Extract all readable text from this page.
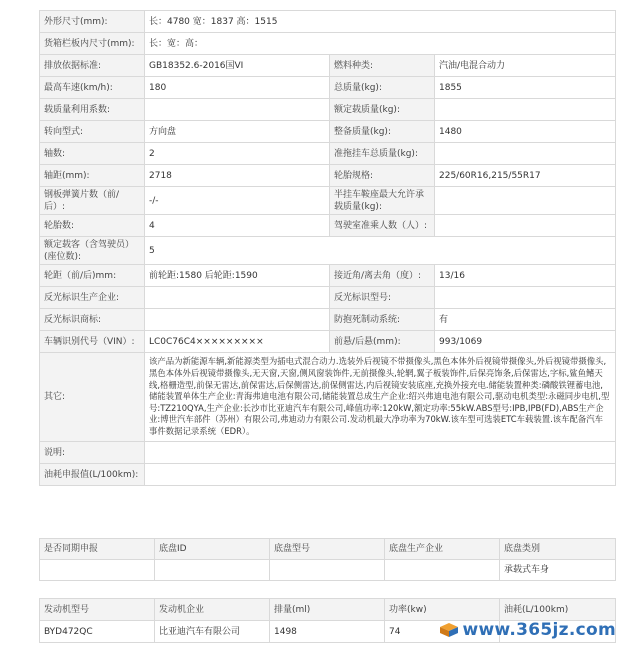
外形尺寸(mm):	长：4780 宽：1837 高：1515		
货箱栏板内尺寸(mm):	长：宽：高：		
排放依据标准:	GB18352.6-2016国VI	燃料种类:	汽油/电混合动力
最高车速(km/h):	180	总质量(kg):	1855
载质量利用系数:		额定载质量(kg):	
转向型式:	方向盘	整备质量(kg):	1480
轴数:	2	准拖挂车总质量(kg):	
轴距(mm):	2718	轮胎规格:	225/60R16,215/55R17
钢板弹簧片数（前/后）:	-/-	半挂车鞍座最大允许承载质量(kg):	
轮胎数:	4	驾驶室准乘人数（人）:	
额定载客（含驾驶员）(座位数):	5		
轮距（前/后)mm:	前轮距:1580 后轮距:1590	接近角/离去角（度）:	13/16
反光标识生产企业:		反光标识型号:	
反光标识商标:		防抱死制动系统:	有
车辆识别代号（VIN）:	LC0C76C4×××××××××	前悬/后悬(mm):	993/1069
其它:	该产品为新能源车辆,新能源类型为插电式混合动力.选装外后视镜不带摄像头,黑色本体外后视镜带摄像头,外后视镜带摄像头,黑色本体外后视镜带摄像头,无天窗,天窗,侧风窗装饰件,无前摄像头,轮辋,翼子板装饰件,后保亮饰条,后保雷达,字标,鲨鱼鳍天线,格栅造型,前保无雷达,前保雷达,后保侧雷达,前保侧雷达,内后视镜安装底座,充换外接充电.储能装置种类:磷酸铁锂蓄电池,储能装置单体生产企业:青海弗迪电池有限公司,储能装置总成生产企业:绍兴弗迪电池有限公司,驱动电机类型:永磁同步电机,型号:TZ210QYA,生产企业:长沙市比亚迪汽车有限公司,峰值功率:120kW,额定功率:55kW.ABS型号:IPB,IPB(FD),ABS生产企业:博世汽车部件（苏州）有限公司,弗迪动力有限公司.发动机最大净功率为70kW.该车型可选装ETC车载装置.该车配备汽车事件数据记录系统（EDR）。		
说明:			
油耗申报值(L/100km):			
是否同期申报	底盘ID	底盘型号	底盘生产企业	底盘类别
				承载式车身
发动机型号	发动机企业	排量(ml)	功率(kw)	油耗(L/100km)
BYD472QC	比亚迪汽车有限公司	1498	74		www.365jz.com
